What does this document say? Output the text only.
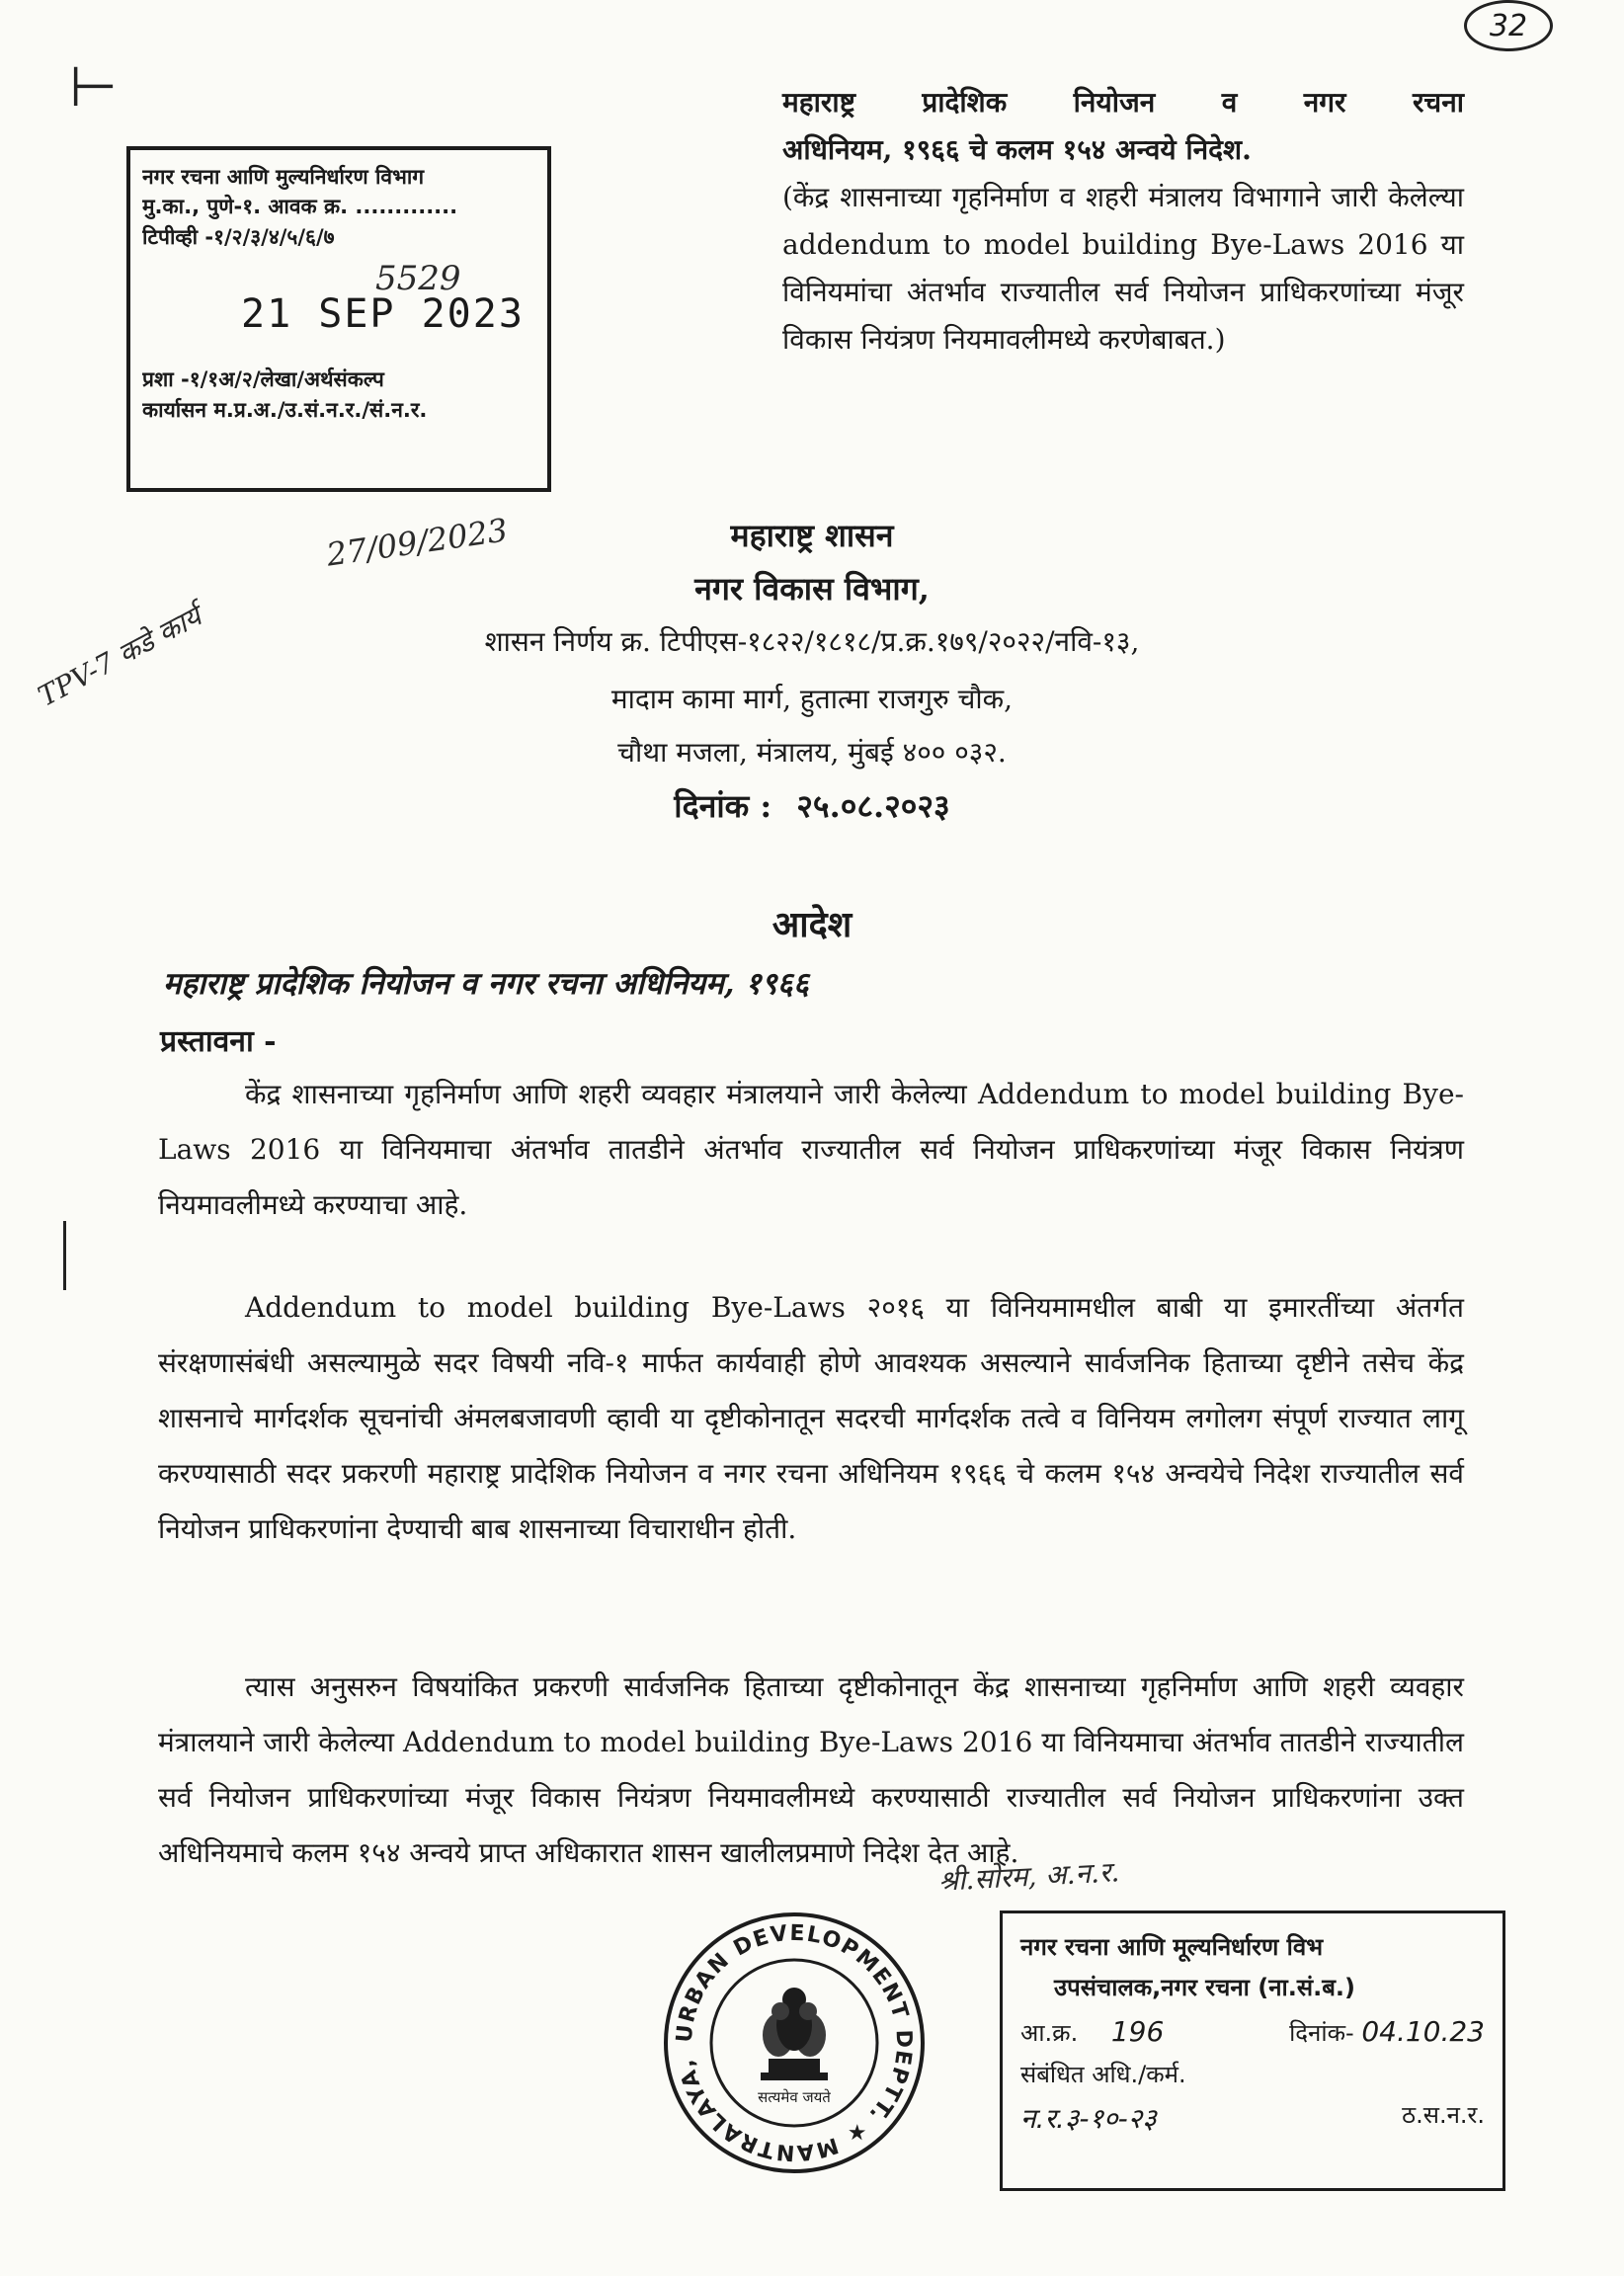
32
⊢
नगर रचना आणि मुल्यनिर्धारण विभाग
मु.का., पुणे-१. आवक क्र. .............
टिपीव्ही -१/२/३/४/५/६/७
21 SEP 2023
प्रशा -१/१अ/२/लेखा/अर्थसंकल्प
कार्यासन म.प्र.अ./उ.सं.न.र./सं.न.र.
5529
27/09/2023
TPV-7 कडे कार्य
महाराष्ट्र प्रादेशिक नियोजन व नगर रचना
अधिनियम, १९६६ चे कलम १५४ अन्वये निदेश.
(केंद्र शासनाच्या गृहनिर्माण व शहरी मंत्रालय विभागाने जारी केलेल्या addendum to model building Bye-Laws 2016 या विनियमांचा अंतर्भाव राज्यातील सर्व नियोजन प्राधिकरणांच्या मंजूर विकास नियंत्रण नियमावलीमध्ये करणेबाबत.)
महाराष्ट्र शासन
नगर विकास विभाग,
शासन निर्णय क्र. टिपीएस-१८२२/१८१८/प्र.क्र.१७९/२०२२/नवि-१३,
मादाम कामा मार्ग, हुतात्मा राजगुरु चौक,
चौथा मजला, मंत्रालय, मुंबई ४०० ०३२.
दिनांक : २५.०८.२०२३
आदेश
महाराष्ट्र प्रादेशिक नियोजन व नगर रचना अधिनियम, १९६६
प्रस्तावना -

केंद्र शासनाच्या गृहनिर्माण आणि शहरी व्यवहार मंत्रालयाने जारी केलेल्या Addendum to model building Bye-Laws 2016 या विनियमाचा अंतर्भाव तातडीने अंतर्भाव राज्यातील सर्व नियोजन प्राधिकरणांच्या मंजूर विकास नियंत्रण नियमावलीमध्ये करण्याचा आहे.

Addendum to model building Bye-Laws २०१६ या विनियमामधील बाबी या इमारतींच्या अंतर्गत संरक्षणासंबंधी असल्यामुळे सदर विषयी नवि-१ मार्फत कार्यवाही होणे आवश्यक असल्याने सार्वजनिक हिताच्या दृष्टीने तसेच केंद्र शासनाचे मार्गदर्शक सूचनांची अंमलबजावणी व्हावी या दृष्टीकोनातून सदरची मार्गदर्शक तत्वे व विनियम लगोलग संपूर्ण राज्यात लागू करण्यासाठी सदर प्रकरणी महाराष्ट्र प्रादेशिक नियोजन व नगर रचना अधिनियम १९६६ चे कलम १५४ अन्वयेचे निदेश राज्यातील सर्व नियोजन प्राधिकरणांना देण्याची बाब शासनाच्या विचाराधीन होती.

त्यास अनुसरुन विषयांकित प्रकरणी सार्वजनिक हिताच्या दृष्टीकोनातून केंद्र शासनाच्या गृहनिर्माण आणि शहरी व्यवहार मंत्रालयाने जारी केलेल्या Addendum to model building Bye-Laws 2016 या विनियमाचा अंतर्भाव तातडीने राज्यातील सर्व नियोजन प्राधिकरणांच्या मंजूर विकास नियंत्रण नियमावलीमध्ये करण्यासाठी राज्यातील सर्व नियोजन प्राधिकरणांना उक्त अधिनियमाचे कलम १५४ अन्वये प्राप्त अधिकारात शासन खालीलप्रमाणे निदेश देत आहे.

URBAN DEVELOPMENT DEPTT. ★ MANTRALAYA,
सत्यमेव जयते
श्री.सोरम, अ.न.र.
नगर रचना आणि मूल्यनिर्धारण विभ
उपसंचालक,नगर रचना (ना.सं.ब.)
आ.क्र. 196	दिनांक- 04.10.23
संबंधित अधि./कर्म.
न.र.३-१०-२३	ठ.स.न.र.
